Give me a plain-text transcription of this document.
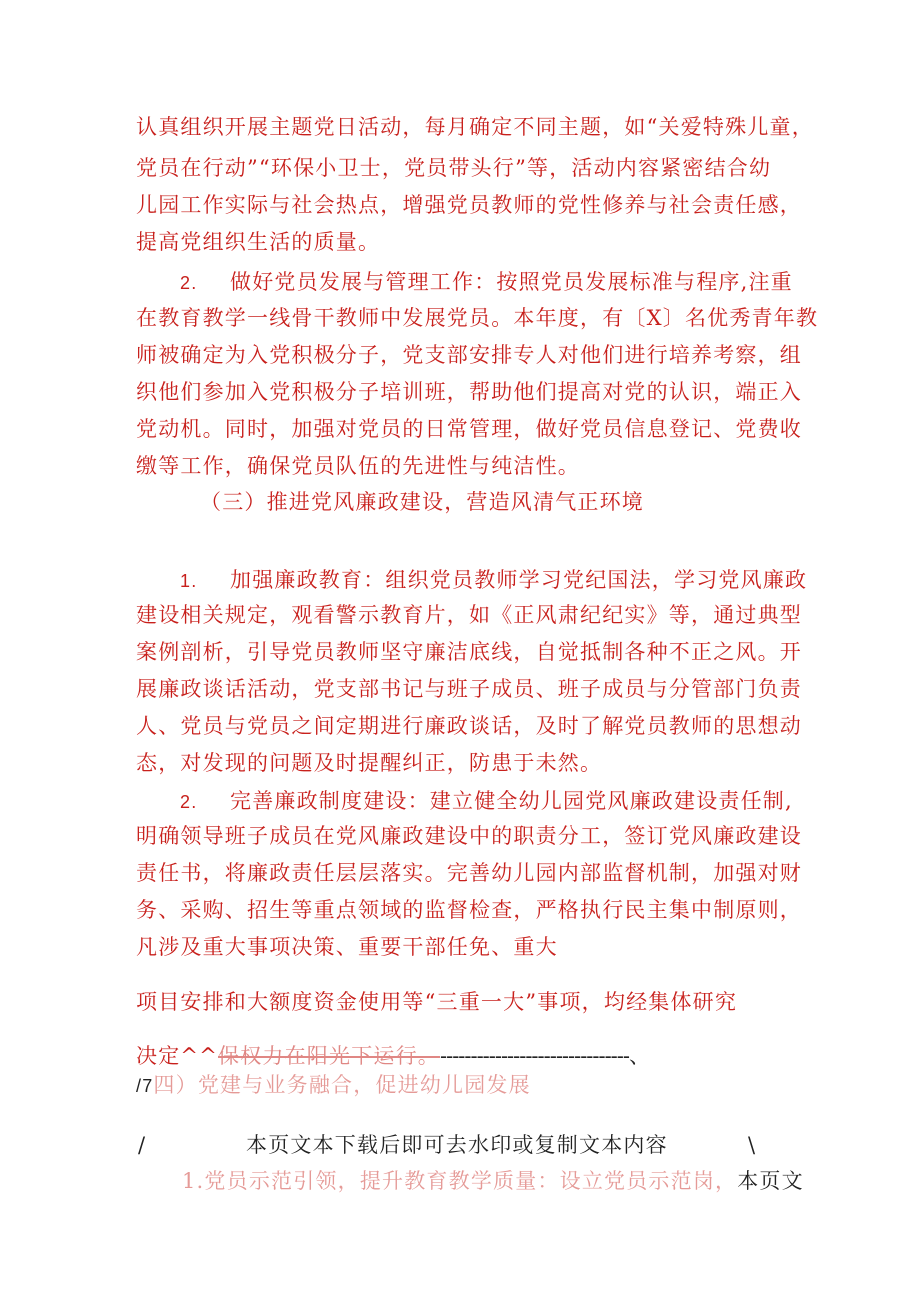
认真组织开展主题党日活动，每月确定不同主题，如“关爱特殊儿童，
党员在行动”“环保小卫士，党员带头行”等，活动内容紧密结合幼
儿园工作实际与社会热点，增强党员教师的党性修养与社会责任感，
提高党组织生活的质量。
2. 做好党员发展与管理工作：按照党员发展标准与程序,注重
在教育教学一线骨干教师中发展党员。本年度，有〔X〕名优秀青年教
师被确定为入党积极分子，党支部安排专人对他们进行培养考察，组
织他们参加入党积极分子培训班，帮助他们提高对党的认识，端正入
党动机。同时，加强对党员的日常管理，做好党员信息登记、党费收
缴等工作，确保党员队伍的先进性与纯洁性。
（三）推进党风廉政建设，营造风清气正环境
1. 加强廉政教育：组织党员教师学习党纪国法，学习党风廉政
建设相关规定，观看警示教育片，如《正风肃纪纪实》等，通过典型
案例剖析，引导党员教师坚守廉洁底线，自觉抵制各种不正之风。开
展廉政谈话活动，党支部书记与班子成员、班子成员与分管部门负责
人、党员与党员之间定期进行廉政谈话，及时了解党员教师的思想动
态，对发现的问题及时提醒纠正，防患于未然。
2. 完善廉政制度建设：建立健全幼儿园党风廉政建设责任制,
明确领导班子成员在党风廉政建设中的职责分工，签订党风廉政建设
责任书，将廉政责任层层落实。完善幼儿园内部监督机制，加强对财
务、采购、招生等重点领域的监督检查，严格执行民主集中制原则，
凡涉及重大事项决策、重要干部任免、重大
项目安排和大额度资金使用等“三重一大”事项，均经集体研究
决定^^保权力在阳光下运行。-------------------------------、
/7四）党建与业务融合，促进幼儿园发展
/	本页文本下载后即可去水印或复制文本内容	\
1.党员示范引领，提升教育教学质量：设立党员示范岗，本页文
